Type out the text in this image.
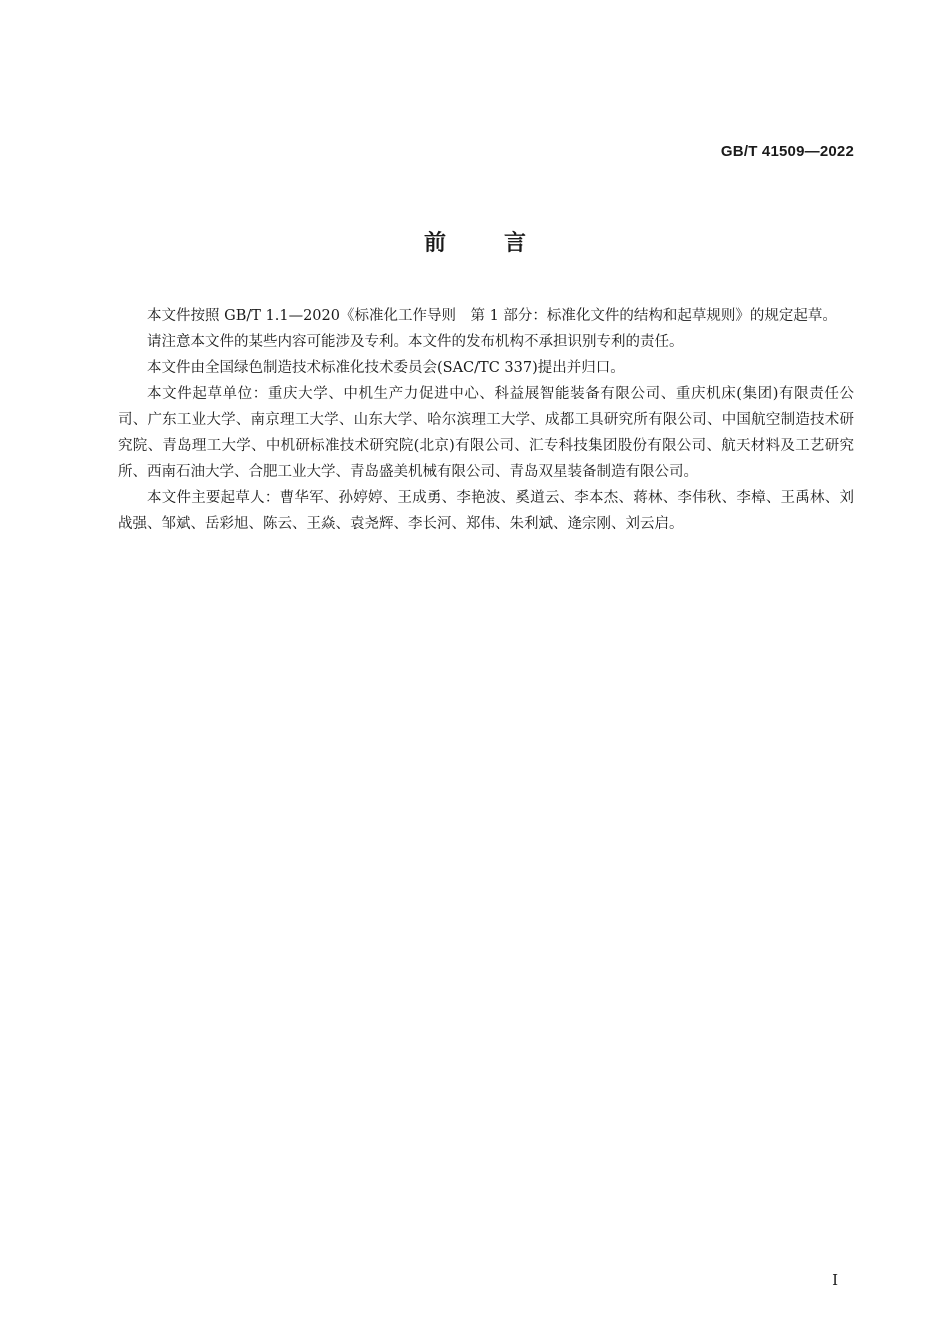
GB/T 41509—2022
前言

本文件按照 GB/T 1.1—2020《标准化工作导则　第 1 部分：标准化文件的结构和起草规则》的规定起草。

请注意本文件的某些内容可能涉及专利。本文件的发布机构不承担识别专利的责任。

本文件由全国绿色制造技术标准化技术委员会(SAC/TC 337)提出并归口。

本文件起草单位：重庆大学、中机生产力促进中心、科益展智能装备有限公司、重庆机床(集团)有限责任公司、广东工业大学、南京理工大学、山东大学、哈尔滨理工大学、成都工具研究所有限公司、中国航空制造技术研究院、青岛理工大学、中机研标准技术研究院(北京)有限公司、汇专科技集团股份有限公司、航天材料及工艺研究所、西南石油大学、合肥工业大学、青岛盛美机械有限公司、青岛双星装备制造有限公司。

本文件主要起草人：曹华军、孙婷婷、王成勇、李艳波、奚道云、李本杰、蒋林、李伟秋、李樟、王禹林、刘战强、邹斌、岳彩旭、陈云、王焱、袁尧辉、李长河、郑伟、朱利斌、逄宗刚、刘云启。

I
